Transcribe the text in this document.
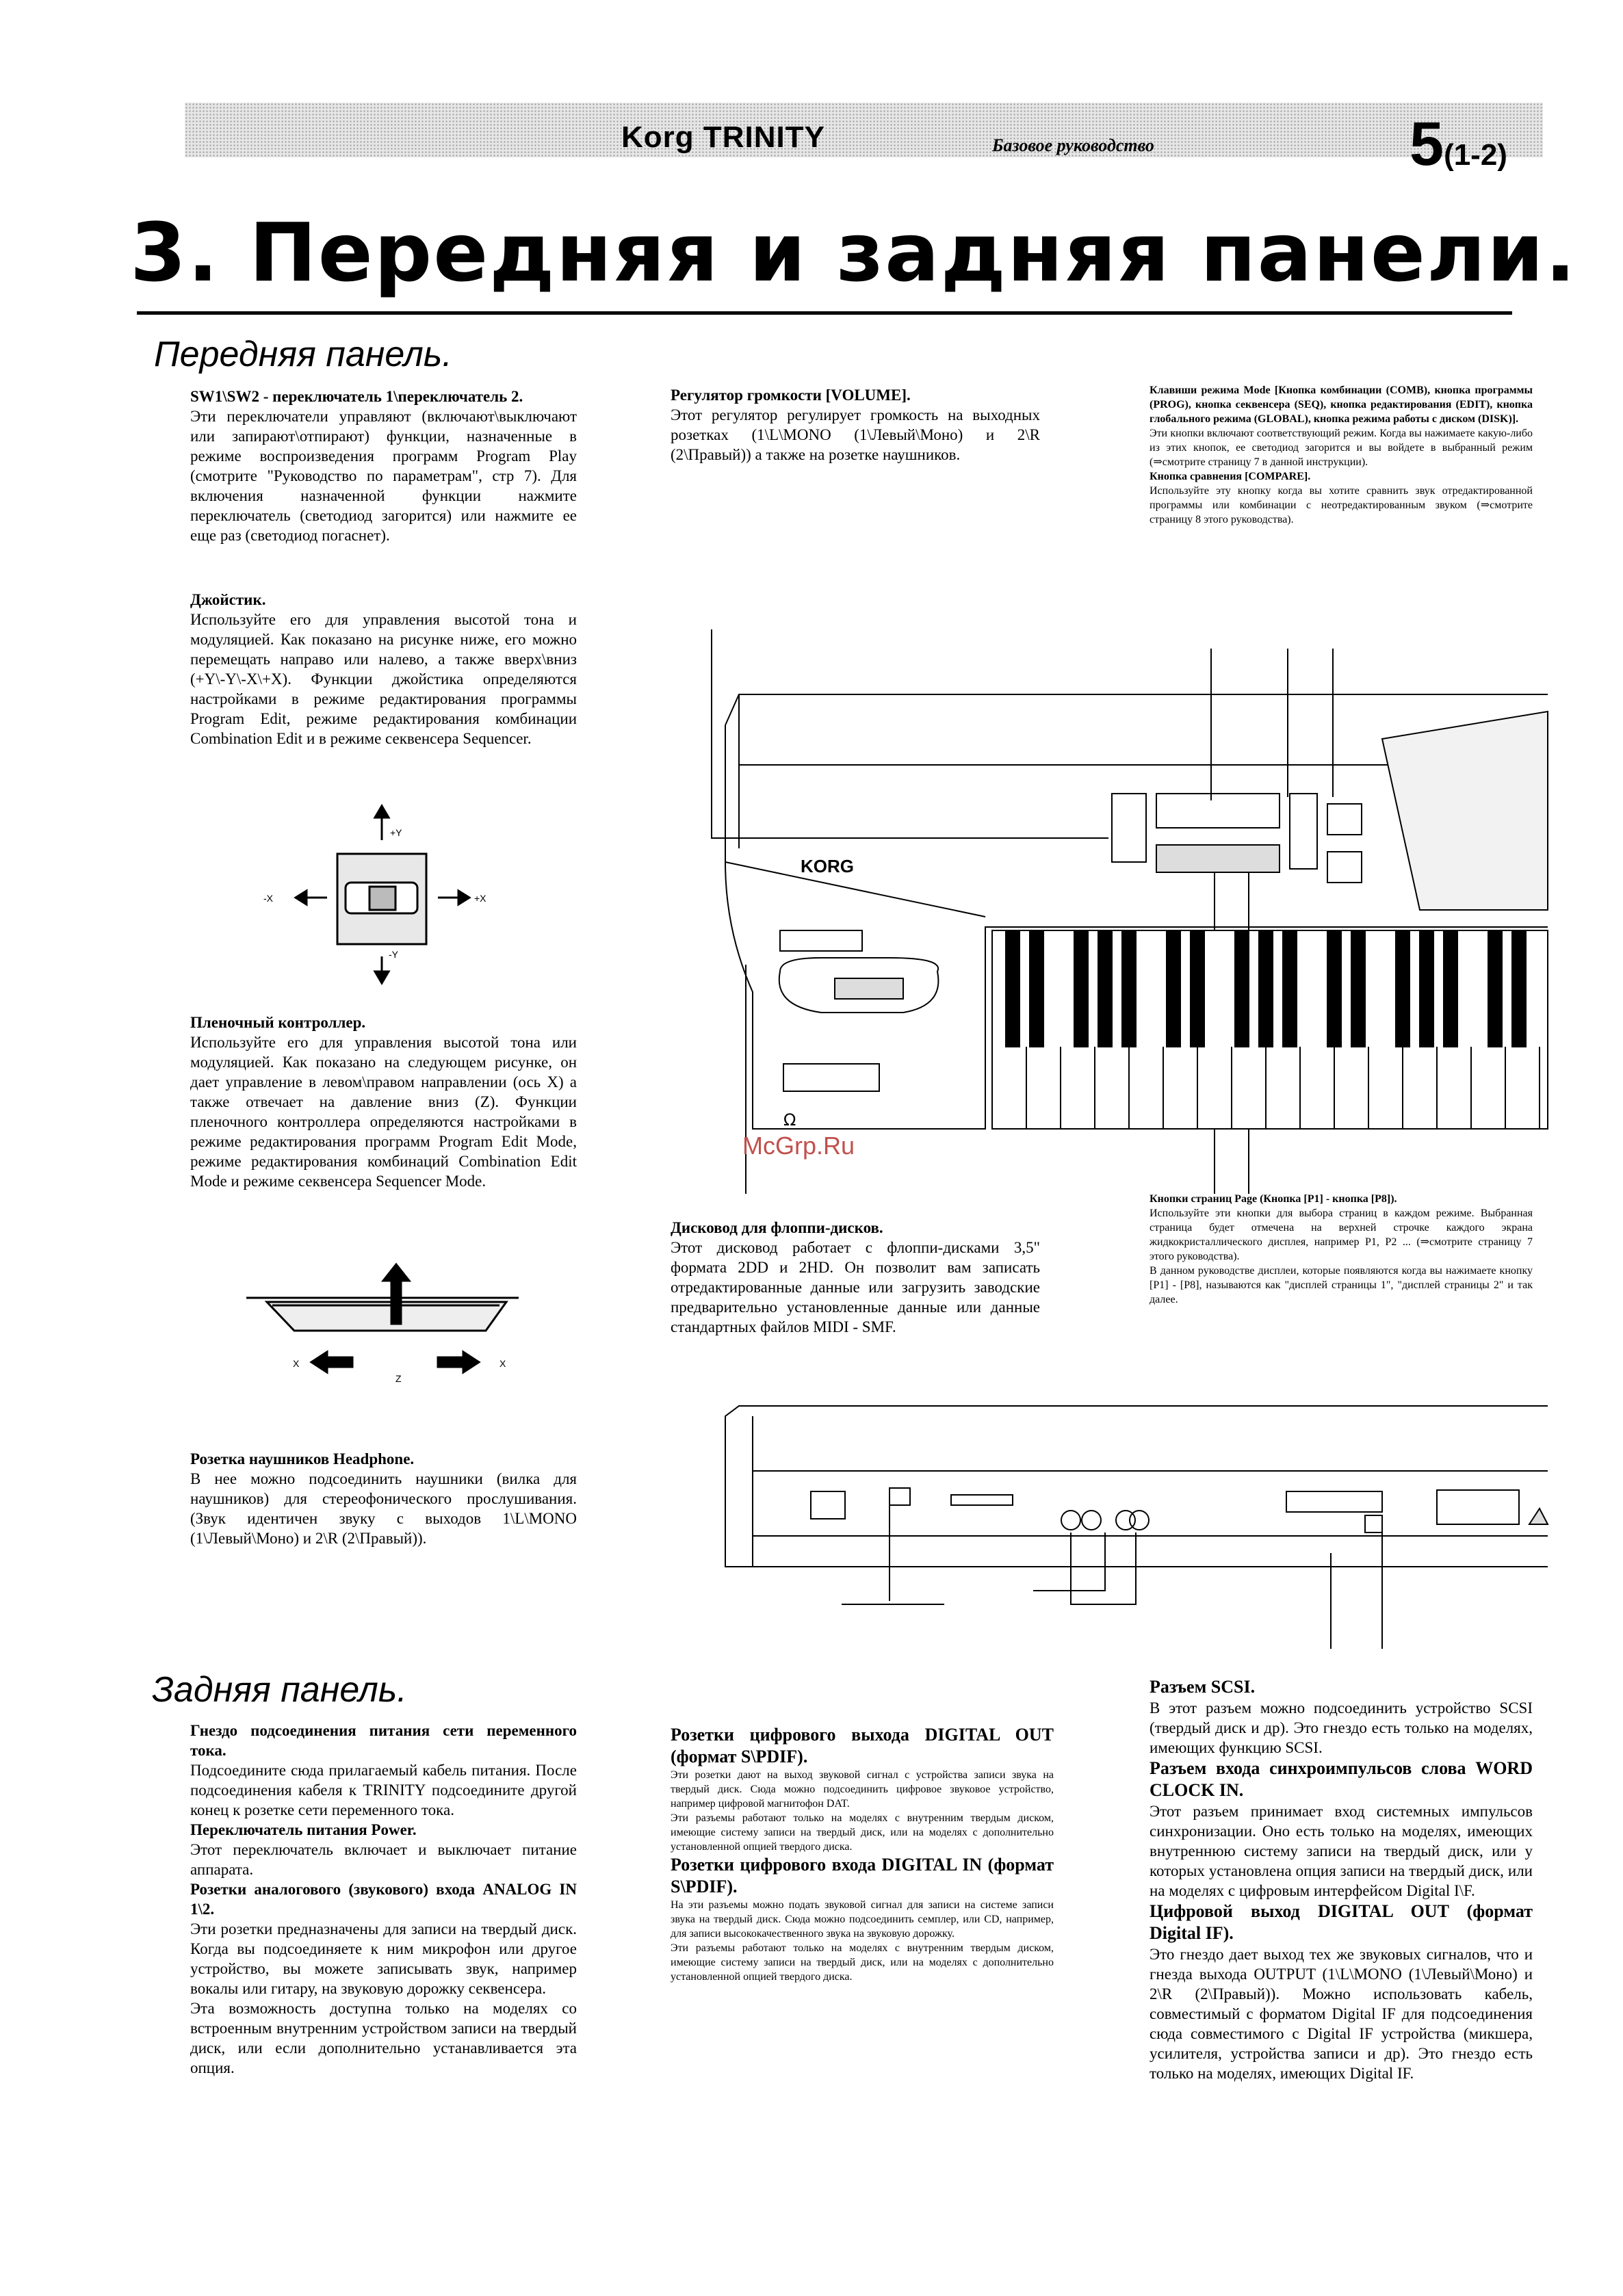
Korg TRINITY	Базовое руководство	5(1-2)
3. Передняя и задняя панели.
Передняя панель.
SW1\SW2 - переключатель 1\переключатель 2.

Эти переключатели управляют (включают\выключают или запирают\отпирают) функции, назначенные в режиме воспроизведения программ Program Play (смотрите "Руководство по параметрам", стр 7). Для включения назначенной функции нажмите переключатель (светодиод загорится) или нажмите ее еще раз (светодиод погаснет).

Джойстик.

Используйте его для управления высотой тона и модуляцией. Как показано на рисунке ниже, его можно перемещать направо или налево, а также вверх\вниз (+Y\-Y\-X\+X). Функции джойстика определяются настройками в режиме редактирования программы Program Edit, режиме редактирования комбинации Combination Edit и в режиме секвенсера Sequencer.

Пленочный контроллер.

Используйте его для управления высотой тона или модуляцией. Как показано на следующем рисунке, он дает управление в левом\правом направлении (ось X) а также отвечает на давление вниз (Z). Функции пленочного контроллера определяются настройками в режиме редактирования программ Program Edit Mode, режиме редактирования комбинаций Combination Edit Mode и режиме секвенсера Sequencer Mode.

Розетка наушников Headphone.

В нее можно подсоединить наушники (вилка для наушников) для стереофонического прослушивания. (Звук идентичен звуку с выходов 1\L\MONO (1\Левый\Моно) и 2\R (2\Правый)).

Регулятор громкости [VOLUME].

Этот регулятор регулирует громкость на выходных розетках (1\L\MONO (1\Левый\Моно) и 2\R (2\Правый)) а также на розетке наушников.

Дисковод для флоппи-дисков.

Этот дисковод работает с флоппи-дисками 3,5" формата 2DD и 2HD. Он позволит вам записать отредактированные данные или загрузить заводские предварительно установленные данные или данные стандартных файлов MIDI - SMF.

Клавиши режима Mode [Кнопка комбинации (COMB), кнопка программы (PROG), кнопка секвенсера (SEQ), кнопка редактирования (EDIT), кнопка глобального режима (GLOBAL), кнопка режима работы с диском (DISK)].

Эти кнопки включают соответствующий режим. Когда вы нажимаете какую-либо из этих кнопок, ее светодиод загорится и вы войдете в выбранный режим (⇒смотрите страницу 7 в данной инструкции).

Кнопка сравнения [COMPARE].

Используйте эту кнопку когда вы хотите сравнить звук отредактированной программы или комбинации с неотредактированным звуком (⇒смотрите страницу 8 этого руководства).

Кнопки страниц Page (Кнопка [P1] - кнопка [P8]).

Используйте эти кнопки для выбора страниц в каждом режиме. Выбранная страница будет отмечена на верхней строчке каждого экрана жидкокристаллического дисплея, например P1, P2 ... (⇒смотрите страницу 7 этого руководства).

В данном руководстве дисплеи, которые появляются когда вы нажимаете кнопку [P1] - [P8], называются как "дисплей страницы 1", "дисплей страницы 2" и так далее.

Задняя панель.
Гнездо подсоединения питания сети переменного тока.

Подсоедините сюда прилагаемый кабель питания. После подсоединения кабеля к TRINITY подсоедините другой конец к розетке сети переменного тока.

Переключатель питания Power.

Этот переключатель включает и выключает питание аппарата.

Розетки аналогового (звукового) входа ANALOG IN 1\2.

Эти розетки предназначены для записи на твердый диск. Когда вы подсоединяете к ним микрофон или другое устройство, вы можете записывать звук, например вокалы или гитару, на звуковую дорожку секвенсера.

Эта возможность доступна только на моделях со встроенным внутренним устройством записи на твердый диск, или если дополнительно устанавливается эта опция.

Розетки цифрового выхода DIGITAL OUT (формат S\PDIF).

Эти розетки дают на выход звуковой сигнал с устройства записи звука на твердый диск. Сюда можно подсоединить цифровое звуковое устройство, например цифровой магнитофон DAT.

Эти разъемы работают только на моделях с внутренним твердым диском, имеющие систему записи на твердый диск, или на моделях с дополнительно установленной опцией твердого диска.

Розетки цифрового входа DIGITAL IN (формат S\PDIF).

На эти разъемы можно подать звуковой сигнал для записи на системе записи звука на твердый диск. Сюда можно подсоединить семплер, или CD, например, для записи высококачественного звука на звуковую дорожку.

Эти разъемы работают только на моделях с внутренним твердым диском, имеющие систему записи на твердый диск, или на моделях с дополнительно установленной опцией твердого диска.

Разъем SCSI.

В этот разъем можно подсоединить устройство SCSI (твердый диск и др). Это гнездо есть только на моделях, имеющих функцию SCSI.

Разъем входа синхроимпульсов слова WORD CLOCK IN.

Этот разъем принимает вход системных импульсов синхронизации. Оно есть только на моделях, имеющих внутреннюю систему записи на твердый диск, или у которых установлена опция записи на твердый диск, или на моделях с цифровым интерфейсом Digital I\F.

Цифровой выход DIGITAL OUT (формат Digital IF).

Это гнездо дает выход тех же звуковых сигналов, что и гнезда выхода OUTPUT (1\L\MONO (1\Левый\Моно) и 2\R (2\Правый)). Можно использовать кабель, совместимый с форматом Digital IF для подсоединения сюда совместимого с Digital IF устройства (микшера, усилителя, устройства записи и др). Это гнездо есть только на моделях, имеющих Digital IF.

+Y
-Y
-X	+X
X
Z
X
KORG
Ω
McGrp.Ru
